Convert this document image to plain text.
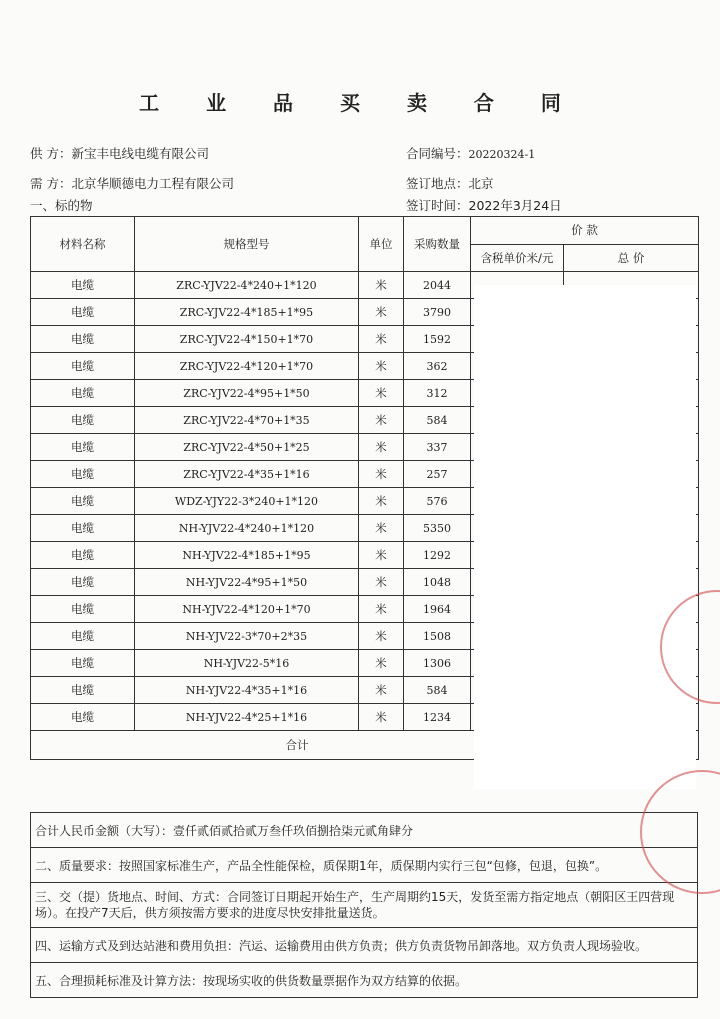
工 业 品 买 卖 合 同
供 方：新宝丰电线电缆有限公司	合同编号：20220324-1
需 方：北京华顺德电力工程有限公司	签订地点：北京
一、标的物	签订时间：2022年3月24日
材料名称	规格型号	单位	采购数量	价 款	
				含税单价米/元	总 价
电缆	ZRC-YJV22-4*240+1*120	米	2044		
电缆	ZRC-YJV22-4*185+1*95	米	3790		
电缆	ZRC-YJV22-4*150+1*70	米	1592		
电缆	ZRC-YJV22-4*120+1*70	米	362		
电缆	ZRC-YJV22-4*95+1*50	米	312		
电缆	ZRC-YJV22-4*70+1*35	米	584		
电缆	ZRC-YJV22-4*50+1*25	米	337		
电缆	ZRC-YJV22-4*35+1*16	米	257		
电缆	WDZ-YJY22-3*240+1*120	米	576		
电缆	NH-YJV22-4*240+1*120	米	5350		
电缆	NH-YJV22-4*185+1*95	米	1292		
电缆	NH-YJV22-4*95+1*50	米	1048		
电缆	NH-YJV22-4*120+1*70	米	1964		
电缆	NH-YJV22-3*70+2*35	米	1508		
电缆	NH-YJV22-5*16	米	1306		
电缆	NH-YJV22-4*35+1*16	米	584		
电缆	NH-YJV22-4*25+1*16	米	1234		
合计	
合计人民币金额（大写）：壹仟贰佰贰拾贰万叁仟玖佰捌拾柒元贰角肆分
二、质量要求：按照国家标准生产，产品全性能保检，质保期1年，质保期内实行三包“包修，包退，包换”。
三、交（提）货地点、时间、方式：合同签订日期起开始生产，生产周期约15天，发货至需方指定地点（朝阳区王四营现场）。在投产7天后，供方须按需方要求的进度尽快安排批量送货。
四、运输方式及到达站港和费用负担：汽运、运输费用由供方负责；供方负责货物吊卸落地。双方负责人现场验收。
五、合理损耗标准及计算方法：按现场实收的供货数量票据作为双方结算的依据。
